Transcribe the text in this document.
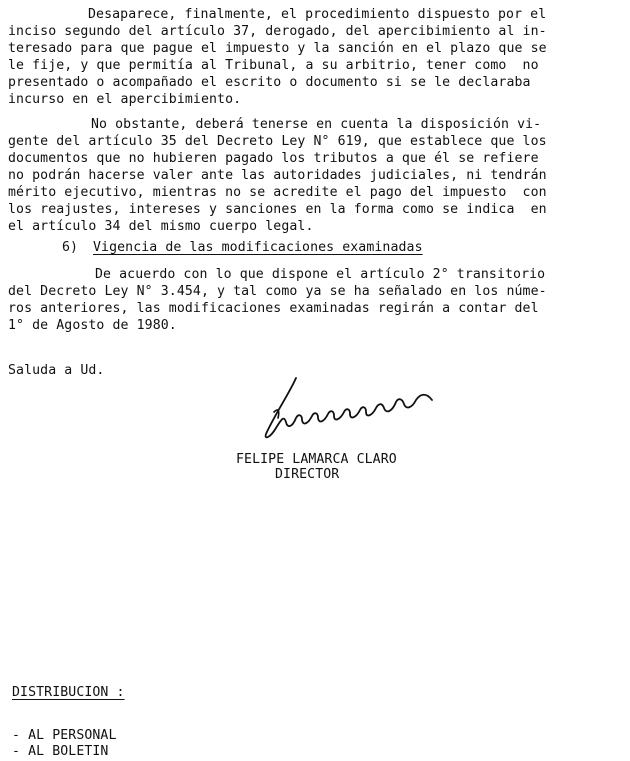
Desaparece, finalmente, el procedimiento dispuesto por el
inciso segundo del artículo 37, derogado, del apercibimiento al in-
teresado para que pague el impuesto y la sanción en el plazo que se
le fije, y que permitía al Tribunal, a su arbitrio, tener como  no
presentado o acompañado el escrito o documento si se le declaraba
incurso en el apercibimiento.
No obstante, deberá tenerse en cuenta la disposición vi-
gente del artículo 35 del Decreto Ley N° 619, que establece que los
documentos que no hubieren pagado los tributos a que él se refiere
no podrán hacerse valer ante las autoridades judiciales, ni tendrán
mérito ejecutivo, mientras no se acredite el pago del impuesto  con
los reajustes, intereses y sanciones en la forma como se indica  en
el artículo 34 del mismo cuerpo legal.
6) Vigencia de las modificaciones examinadas
De acuerdo con lo que dispone el artículo 2° transitorio
del Decreto Ley N° 3.454, y tal como ya se ha señalado en los núme-
ros anteriores, las modificaciones examinadas regirán a contar del
1° de Agosto de 1980.
Saluda a Ud.
FELIPE LAMARCA CLARO
DIRECTOR
DISTRIBUCION :
- AL PERSONAL
- AL BOLETIN
